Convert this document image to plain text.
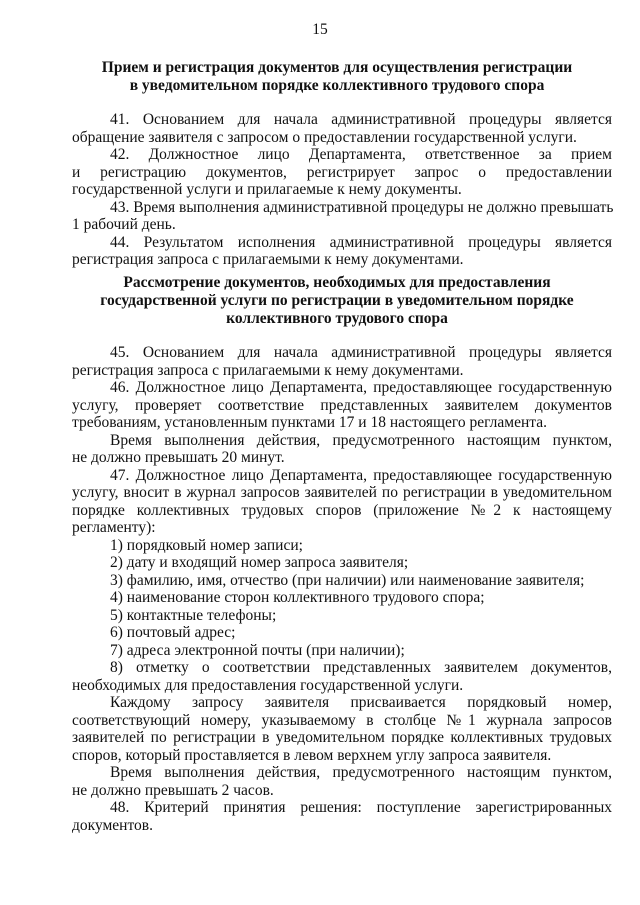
15
Прием и регистрация документов для осуществления регистрации
в уведомительном порядке коллективного трудового спора
41. Основанием для начала административной процедуры является
обращение заявителя с запросом о предоставлении государственной услуги.
42. Должностное лицо Департамента, ответственное за прием
и регистрацию документов, регистрирует запрос о предоставлении
государственной услуги и прилагаемые к нему документы.
43. Время выполнения административной процедуры не должно превышать
1 рабочий день.
44. Результатом исполнения административной процедуры является
регистрация запроса с прилагаемыми к нему документами.
Рассмотрение документов, необходимых для предоставления
государственной услуги по регистрации в уведомительном порядке
коллективного трудового спора
45. Основанием для начала административной процедуры является
регистрация запроса с прилагаемыми к нему документами.
46. Должностное лицо Департамента, предоставляющее государственную
услугу, проверяет соответствие представленных заявителем документов
требованиям, установленным пунктами 17 и 18 настоящего регламента.
Время выполнения действия, предусмотренного настоящим пунктом,
не должно превышать 20 минут.
47. Должностное лицо Департамента, предоставляющее государственную
услугу, вносит в журнал запросов заявителей по регистрации в уведомительном
порядке коллективных трудовых споров (приложение №2 к настоящему
регламенту):
1) порядковый номер записи;
2) дату и входящий номер запроса заявителя;
3) фамилию, имя, отчество (при наличии) или наименование заявителя;
4) наименование сторон коллективного трудового спора;
5) контактные телефоны;
6) почтовый адрес;
7) адреса электронной почты (при наличии);
8) отметку о соответствии представленных заявителем документов,
необходимых для предоставления государственной услуги.
Каждому запросу заявителя присваивается порядковый номер,
соответствующий номеру, указываемому в столбце №1 журнала запросов
заявителей по регистрации в уведомительном порядке коллективных трудовых
споров, который проставляется в левом верхнем углу запроса заявителя.
Время выполнения действия, предусмотренного настоящим пунктом,
не должно превышать 2 часов.
48. Критерий принятия решения: поступление зарегистрированных
документов.
